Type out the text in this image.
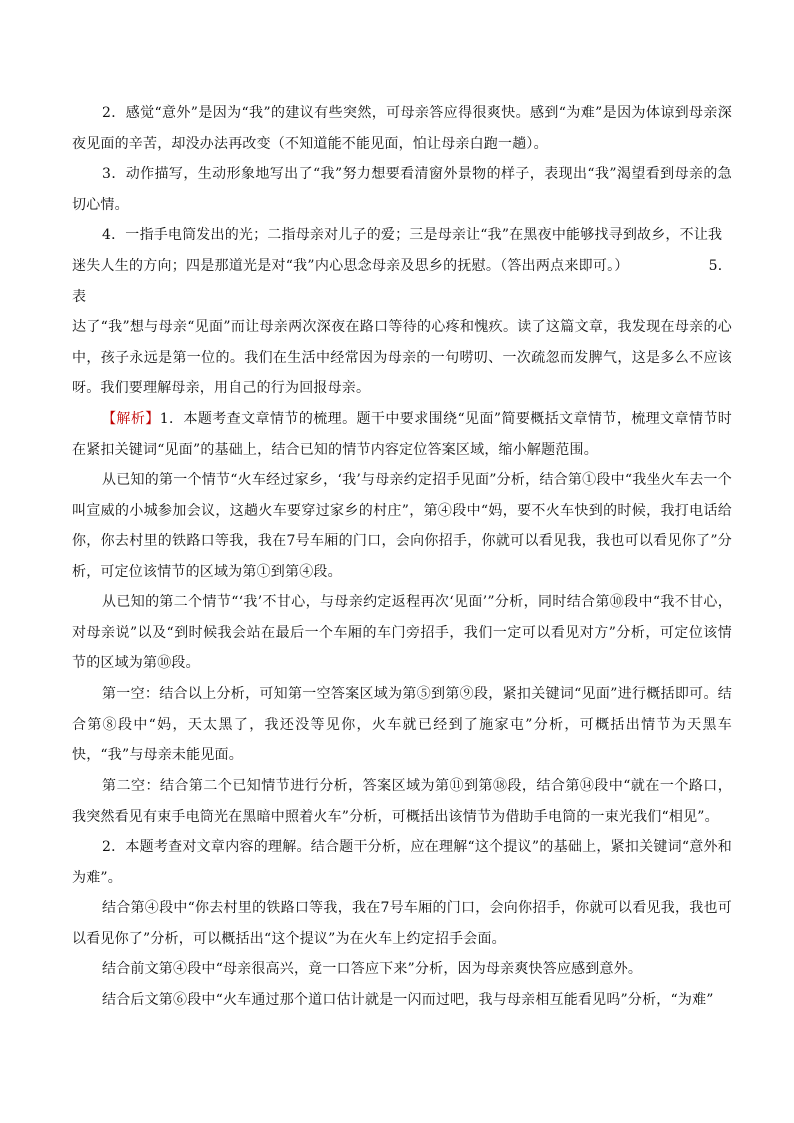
2．感觉“意外”是因为“我”的建议有些突然，可母亲答应得很爽快。感到“为难”是因为体谅到母亲深夜见面的辛苦，却没办法再改变（不知道能不能见面，怕让母亲白跑一趟）。

3．动作描写，生动形象地写出了“我”努力想要看清窗外景物的样子，表现出“我”渴望看到母亲的急切心情。

4．一指手电筒发出的光；二指母亲对儿子的爱；三是母亲让“我”在黑夜中能够找寻到故乡，不让我

迷失人生的方向；四是那道光是对“我”内心思念母亲及思乡的抚慰。（答出两点来即可。）	5．表

达了“我”想与母亲“见面”而让母亲两次深夜在路口等待的心疼和愧疚。读了这篇文章，我发现在母亲的心中，孩子永远是第一位的。我们在生活中经常因为母亲的一句唠叨、一次疏忽而发脾气，这是多么不应该呀。我们要理解母亲，用自己的行为回报母亲。

【解析】1．本题考查文章情节的梳理。题干中要求围绕“见面”简要概括文章情节，梳理文章情节时在紧扣关键词“见面”的基础上，结合已知的情节内容定位答案区域，缩小解题范围。

从已知的第一个情节“火车经过家乡，‘我’与母亲约定招手见面”分析，结合第①段中“我坐火车去一个叫宣威的小城参加会议，这趟火车要穿过家乡的村庄”，第④段中“妈，要不火车快到的时候，我打电话给你，你去村里的铁路口等我，我在7号车厢的门口，会向你招手，你就可以看见我，我也可以看见你了”分析，可定位该情节的区域为第①到第④段。

从已知的第二个情节“‘我’不甘心，与母亲约定返程再次‘见面’”分析，同时结合第⑩段中“我不甘心，对母亲说”以及“到时候我会站在最后一个车厢的车门旁招手，我们一定可以看见对方”分析，可定位该情节的区域为第⑩段。

第一空：结合以上分析，可知第一空答案区域为第⑤到第⑨段，紧扣关键词“见面”进行概括即可。结合第⑧段中“妈，天太黑了，我还没等见你，火车就已经到了施家屯”分析，可概括出情节为天黑车快，“我”与母亲未能见面。

第二空：结合第二个已知情节进行分析，答案区域为第⑪到第⑱段，结合第⑭段中“就在一个路口，我突然看见有束手电筒光在黑暗中照着火车”分析，可概括出该情节为借助手电筒的一束光我们“相见”。

2．本题考查对文章内容的理解。结合题干分析，应在理解“这个提议”的基础上，紧扣关键词“意外和为难”。

结合第④段中“你去村里的铁路口等我，我在7号车厢的门口，会向你招手，你就可以看见我，我也可以看见你了”分析，可以概括出“这个提议”为在火车上约定招手会面。

结合前文第④段中“母亲很高兴，竟一口答应下来”分析，因为母亲爽快答应感到意外。

结合后文第⑥段中“火车通过那个道口估计就是一闪而过吧，我与母亲相互能看见吗”分析，“为难”
